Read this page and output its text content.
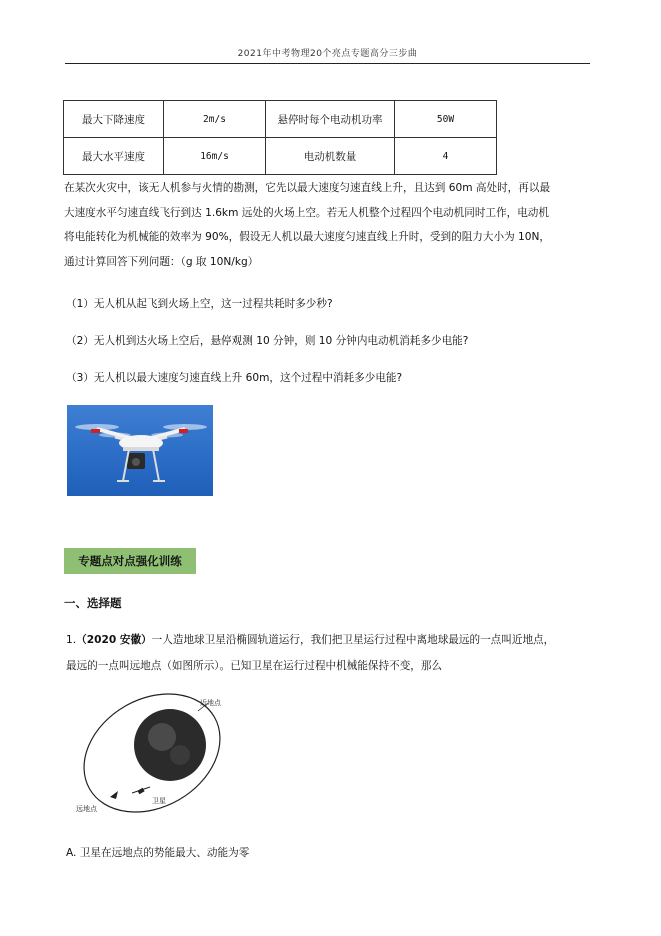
2021年中考物理20个亮点专题高分三步曲
最大下降速度	2m/s	悬停时每个电动机功率	50W
最大水平速度	16m/s	电动机数量	4
在某次火灾中，该无人机参与火情的勘测，它先以最大速度匀速直线上升，且达到 60m 高处时，再以最
大速度水平匀速直线飞行到达 1.6km 远处的火场上空。若无人机整个过程四个电动机同时工作，电动机
将电能转化为机械能的效率为 90%，假设无人机以最大速度匀速直线上升时，受到的阻力大小为 10N，
通过计算回答下列问题：（g 取 10N/kg）
（1）无人机从起飞到火场上空，这一过程共耗时多少秒?
（2）无人机到达火场上空后，悬停观测 10 分钟，则 10 分钟内电动机消耗多少电能?
（3）无人机以最大速度匀速直线上升 60m，这个过程中消耗多少电能?
专题点对点强化训练
一、选择题
1.（2020 安徽）一人造地球卫星沿椭圆轨道运行，我们把卫星运行过程中离地球最远的一点叫近地点，
最远的一点叫远地点（如图所示）。已知卫星在运行过程中机械能保持不变，那么
近地点
远地点
卫星
A. 卫星在远地点的势能最大、动能为零
